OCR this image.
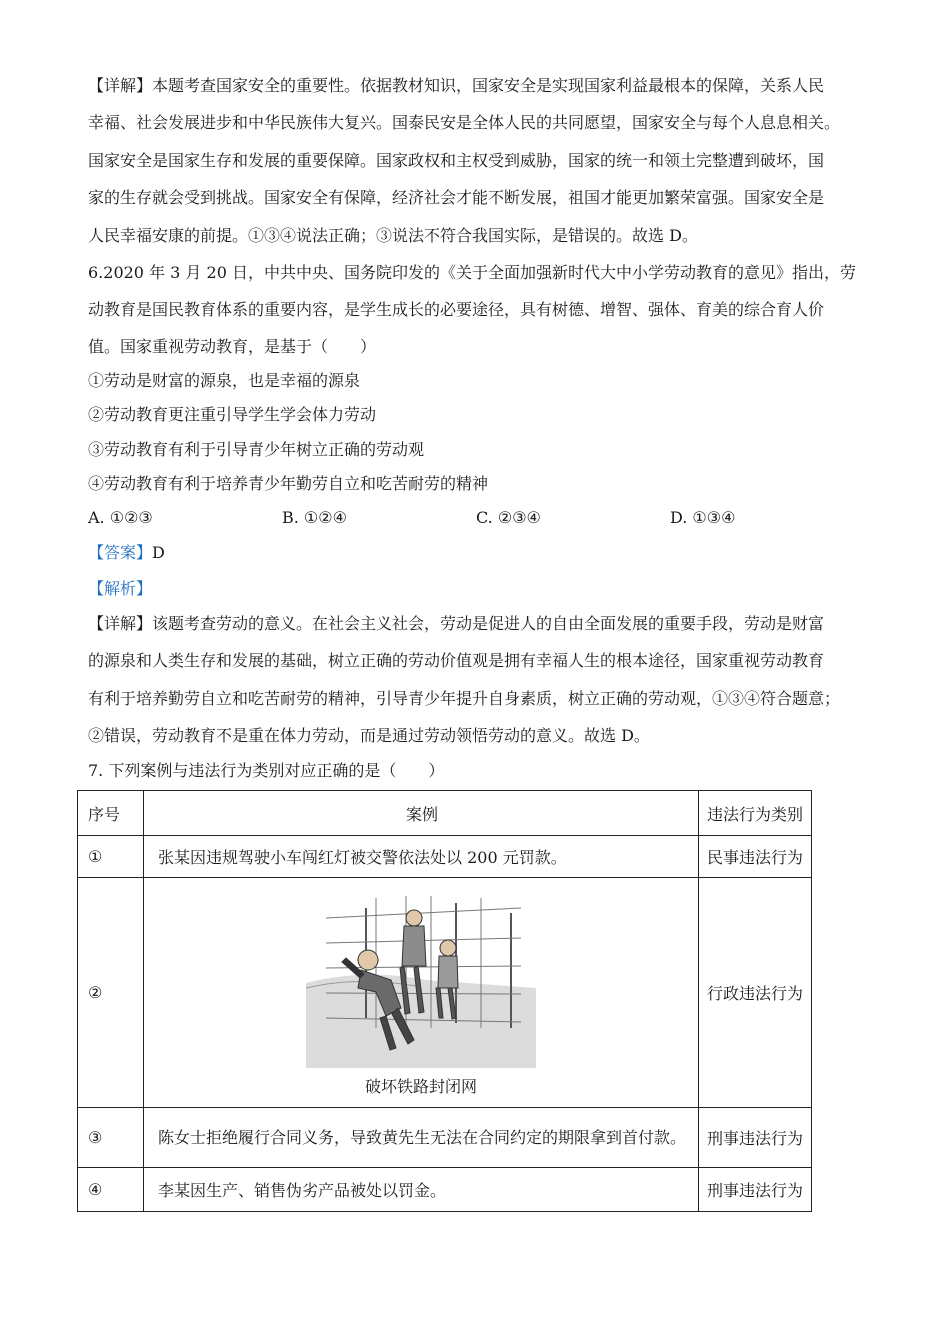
【详解】本题考查国家安全的重要性。依据教材知识，国家安全是实现国家利益最根本的保障，关系人民
幸福、社会发展进步和中华民族伟大复兴。国泰民安是全体人民的共同愿望，国家安全与每个人息息相关。
国家安全是国家生存和发展的重要保障。国家政权和主权受到威胁，国家的统一和领土完整遭到破坏，国
家的生存就会受到挑战。国家安全有保障，经济社会才能不断发展，祖国才能更加繁荣富强。国家安全是
人民幸福安康的前提。①③④说法正确；③说法不符合我国实际，是错误的。故选 D。
6.2020 年 3 月 20 日，中共中央、国务院印发的《关于全面加强新时代大中小学劳动教育的意见》指出，劳
动教育是国民教育体系的重要内容，是学生成长的必要途径，具有树德、增智、强体、育美的综合育人价
值。国家重视劳动教育，是基于（　　）
①劳动是财富的源泉，也是幸福的源泉
②劳动教育更注重引导学生学会体力劳动
③劳动教育有利于引导青少年树立正确的劳动观
④劳动教育有利于培养青少年勤劳自立和吃苦耐劳的精神
A. ①②③	B. ①②④	C. ②③④	D. ①③④
【答案】D
【解析】
【详解】该题考查劳动的意义。在社会主义社会，劳动是促进人的自由全面发展的重要手段，劳动是财富
的源泉和人类生存和发展的基础，树立正确的劳动价值观是拥有幸福人生的根本途径，国家重视劳动教育
有利于培养勤劳自立和吃苦耐劳的精神，引导青少年提升自身素质，树立正确的劳动观，①③④符合题意；
②错误，劳动教育不是重在体力劳动，而是通过劳动领悟劳动的意义。故选 D。
7. 下列案例与违法行为类别对应正确的是（　　）
序号	案例	违法行为类别
①	张某因违规驾驶小车闯红灯被交警依法处以 200 元罚款。	民事违法行为
②	破坏铁路封闭网	行政违法行为
③	陈女士拒绝履行合同义务，导致黄先生无法在合同约定的期限拿到首付款。	刑事违法行为
④	李某因生产、销售伪劣产品被处以罚金。	刑事违法行为
